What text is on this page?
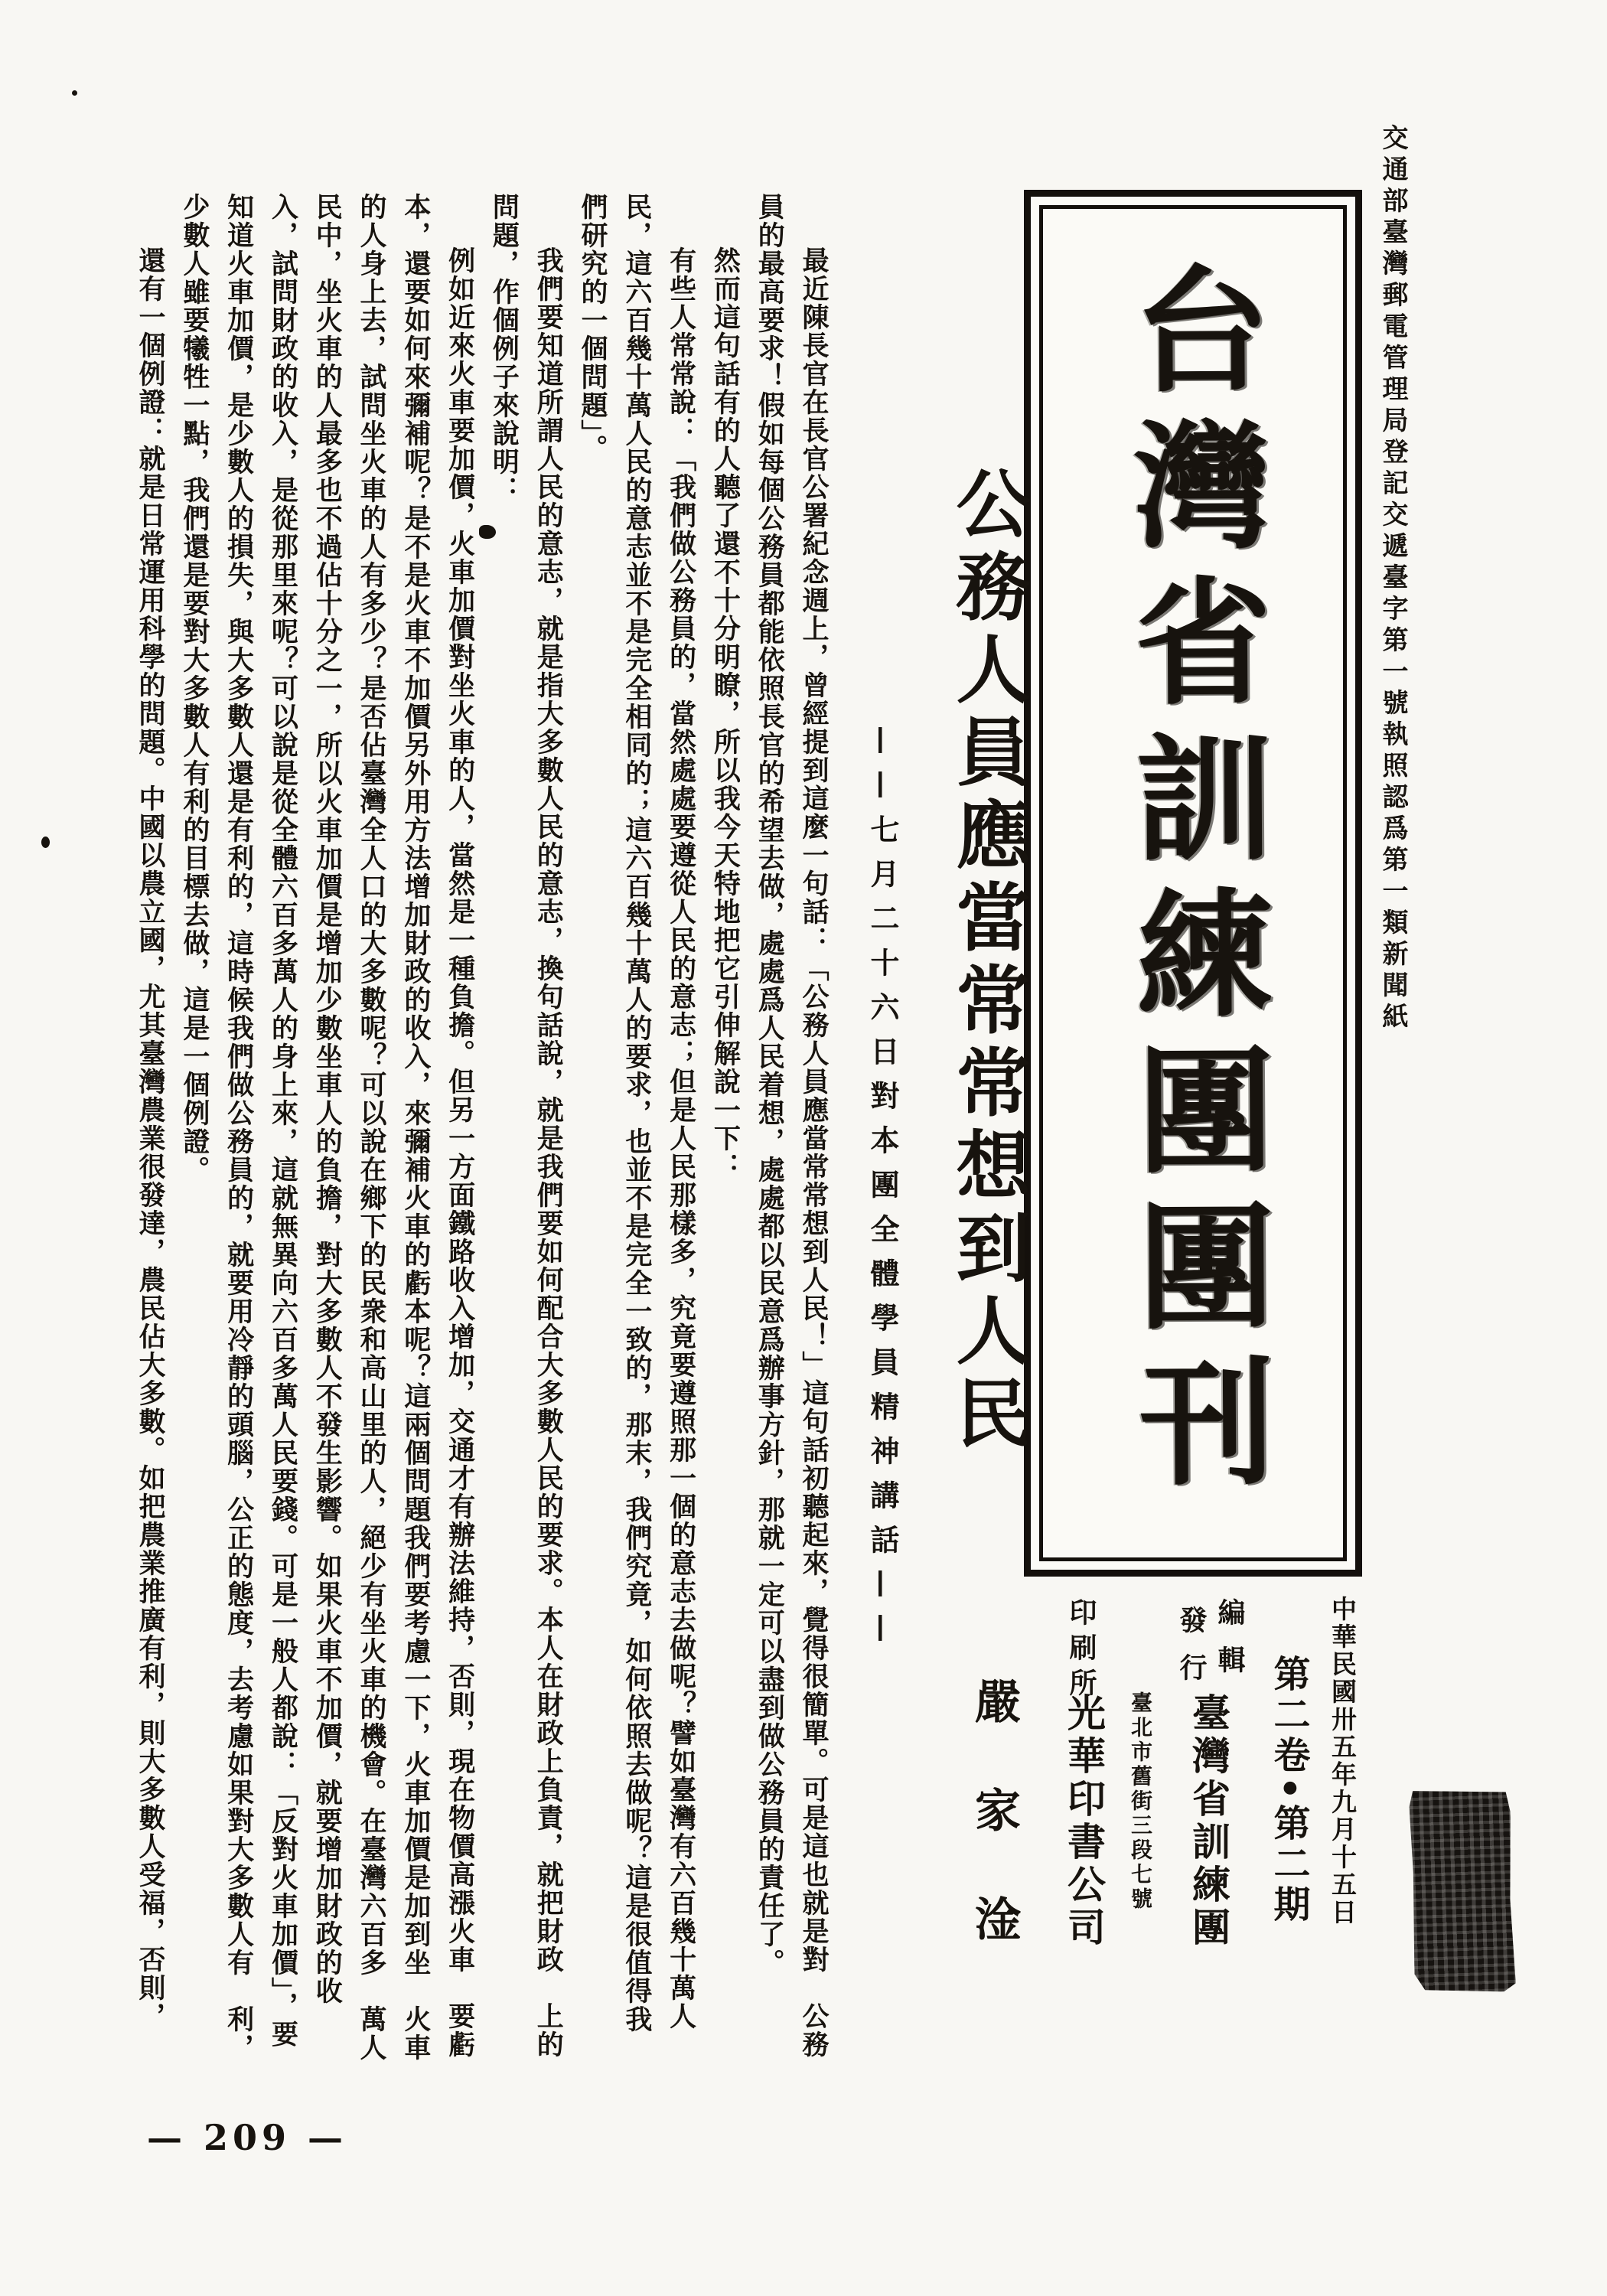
交通部臺灣郵電管理局登記交遞臺字第一號執照認爲第一類新聞紙
台灣省訓練團團刊
公務人員應當常常想到人民
——七月二十六日對本團全體學員精神講話——
嚴家淦
最近陳長官在長官公署紀念週上，曾經提到這麼一句話：「公務人員應當常常想到人民！」這句話初聽起來，覺得很簡單。可是這也就是對　公務
員的最高要求！假如每個公務員都能依照長官的希望去做，處處爲人民着想，處處都以民意爲辦事方針，那就一定可以盡到做公務員的責任了。
然而這句話有的人聽了還不十分明瞭，所以我今天特地把它引伸解說一下：
有些人常常說：「我們做公務員的，當然處處要遵從人民的意志；但是人民那樣多，究竟要遵照那一個的意志去做呢？譬如臺灣有六百幾十萬人
民，這六百幾十萬人民的意志並不是完全相同的；這六百幾十萬人的要求，也並不是完全一致的，那末，我們究竟，如何依照去做呢？這是很值得我
們研究的一個問題」。
我們要知道所謂人民的意志，就是指大多數人民的意志，換句話說，就是我們要如何配合大多數人民的要求。本人在財政上負責，就把財政　上的
問題，作個例子來說明：
例如近來火車要加價，火車加價對坐火車的人，當然是一種負擔。但另一方面鐵路收入增加，交通才有辦法維持，否則，現在物價高漲火車　要虧
本，還要如何來彌補呢？是不是火車不加價另外用方法增加財政的收入，來彌補火車的虧本呢？這兩個問題我們要考慮一下，火車加價是加到坐　火車
的人身上去，試問坐火車的人有多少？是否佔臺灣全人口的大多數呢？可以說在鄉下的民衆和高山里的人，絕少有坐火車的機會。在臺灣六百多　萬人
民中，坐火車的人最多也不過佔十分之一，所以火車加價是增加少數坐車人的負擔，對大多數人不發生影響。如果火車不加價，就要增加財政的收
入，試問財政的收入，是從那里來呢？可以說是從全體六百多萬人的身上來，這就無異向六百多萬人民要錢。可是一般人都說：「反對火車加價」，要
知道火車加價，是少數人的損失，與大多數人還是有利的，這時候我們做公務員的，就要用冷靜的頭腦，公正的態度，去考慮如果對大多數人有　利，
少數人雖要犧牲一點，我們還是要對大多數人有利的目標去做，這是一個例證。
還有一個例證：就是日常運用科學的問題。中國以農立國，尤其臺灣農業很發達，農民佔大多數。如把農業推廣有利，則大多數人受福，否則，	中華民國卅五年九月十五日
第二卷•第二期
編輯
發行
臺灣省訓練團
臺北市舊街三段七號
印刷所
光華印書公司
— 209 —
